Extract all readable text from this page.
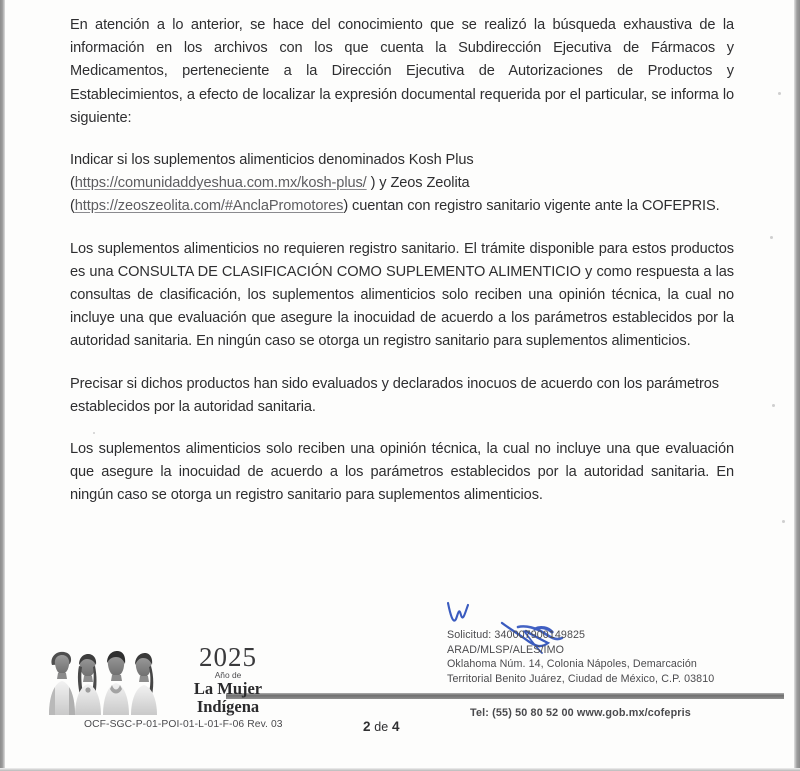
En atención a lo anterior, se hace del conocimiento que se realizó la búsqueda exhaustiva de la información en los archivos con los que cuenta la Subdirección Ejecutiva de Fármacos y Medicamentos, perteneciente a la Dirección Ejecutiva de Autorizaciones de Productos y Establecimientos, a efecto de localizar la expresión documental requerida por el particular, se informa lo siguiente:

Indicar si los suplementos alimenticios denominados Kosh Plus
(https://comunidaddyeshua.com.mx/kosh-plus/ ) y Zeos Zeolita
(https://zeoszeolita.com/#AnclaPromotores) cuentan con registro sanitario vigente ante la COFEPRIS.

Los suplementos alimenticios no requieren registro sanitario. El trámite disponible para estos productos es una CONSULTA DE CLASIFICACIÓN COMO SUPLEMENTO ALIMENTICIO y como respuesta a las consultas de clasificación, los suplementos alimenticios solo reciben una opinión técnica, la cual no incluye una que evaluación que asegure la inocuidad de acuerdo a los parámetros establecidos por la autoridad sanitaria. En ningún caso se otorga un registro sanitario para suplementos alimenticios.

Precisar si dichos productos han sido evaluados y declarados inocuos de acuerdo con los parámetros establecidos por la autoridad sanitaria.

Los suplementos alimenticios solo reciben una opinión técnica, la cual no incluye una que evaluación que asegure la inocuidad de acuerdo a los parámetros establecidos por la autoridad sanitaria. En ningún caso se otorga un registro sanitario para suplementos alimenticios.

Solicitud: 340007900149825
ARAD/MLSP/ALES/IMO
Oklahoma Núm. 14, Colonia Nápoles, Demarcación
Territorial Benito Juárez, Ciudad de México, C.P. 03810
Tel: (55) 50 80 52 00 www.gob.mx/cofepris
2025
Año de
La Mujer
Indígena
OCF-SGC-P-01-POI-01-L-01-F-06 Rev. 03	2 de 4
